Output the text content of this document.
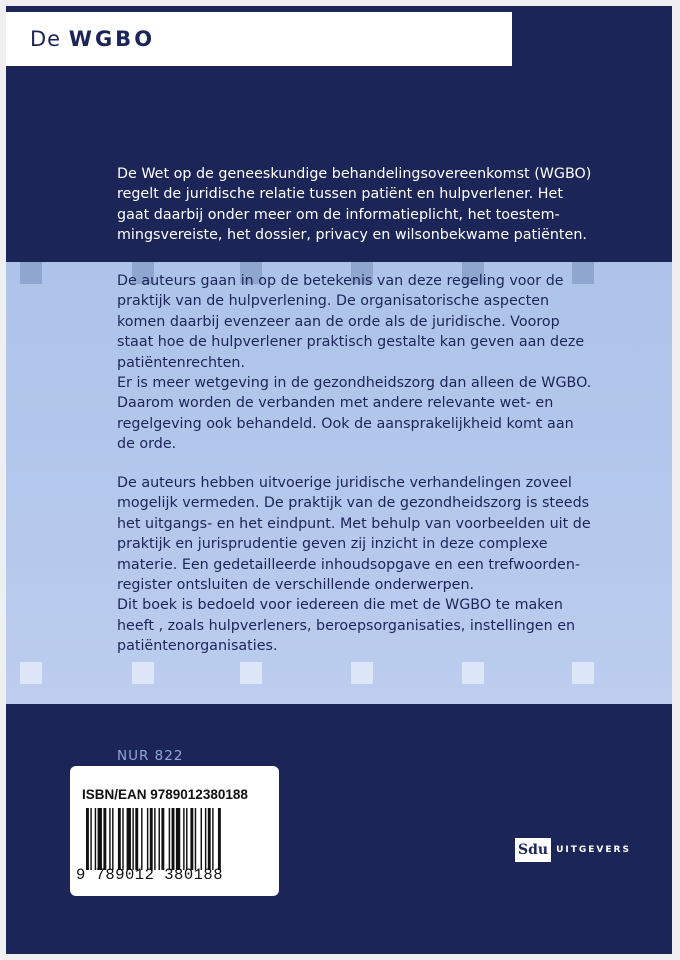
De WGBO

De Wet op de geneeskundige behandelingsovereenkomst (WGBO)
regelt de juridische relatie tussen patiënt en hulpverlener. Het
gaat daarbij onder meer om de informatieplicht, het toestem-
mingsvereiste, het dossier, privacy en wilsonbekwame patiënten.

De auteurs gaan in op de betekenis van deze regeling voor de
praktijk van de hulpverlening. De organisatorische aspecten
komen daarbij evenzeer aan de orde als de juridische. Voorop
staat hoe de hulpverlener praktisch gestalte kan geven aan deze
patiëntenrechten.
Er is meer wetgeving in de gezondheidszorg dan alleen de WGBO.
Daarom worden de verbanden met andere relevante wet- en
regelgeving ook behandeld. Ook de aansprakelijkheid komt aan
de orde.

De auteurs hebben uitvoerige juridische verhandelingen zoveel
mogelijk vermeden. De praktijk van de gezondheidszorg is steeds
het uitgangs- en het eindpunt. Met behulp van voorbeelden uit de
praktijk en jurisprudentie geven zij inzicht in deze complexe
materie. Een gedetailleerde inhoudsopgave en een trefwoorden-
register ontsluiten de verschillende onderwerpen.
Dit boek is bedoeld voor iedereen die met de WGBO te maken
heeft , zoals hulpverleners, beroepsorganisaties, instellingen en
patiëntenorganisaties.

NUR 822
ISBN/EAN 9789012380188
9 789012 380188
Sdu UITGEVERS
